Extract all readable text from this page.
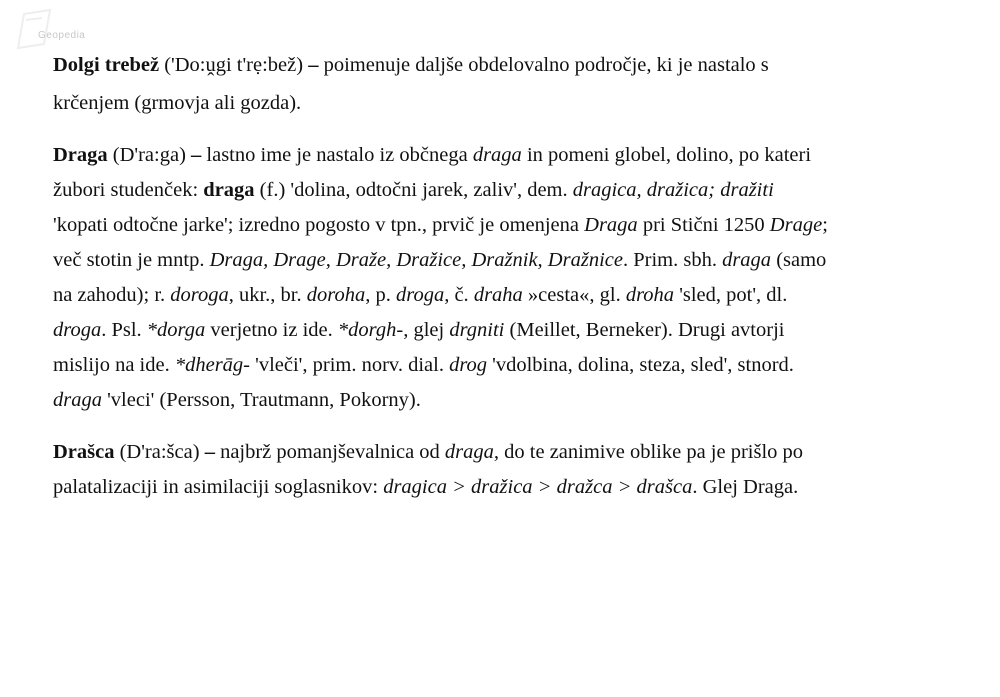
Geopedia
Dolgi trebež ('Do:ṷgi t'rẹ:bež) – poimenuje daljše obdelovalno področje, ki je nastalo s
krčenjem (grmovja ali gozda).
Draga (D'ra:ga) – lastno ime je nastalo iz občnega draga in pomeni globel, dolino, po kateri
žubori studenček: draga (f.) 'dolina, odtočni jarek, zaliv', dem. dragica, dražica; dražiti
'kopati odtočne jarke'; izredno pogosto v tpn., prvič je omenjena Draga pri Stični 1250 Drage;
več stotin je mntp. Draga, Drage, Draže, Dražice, Dražnik, Dražnice. Prim. sbh. draga (samo
na zahodu); r. doroga, ukr., br. doroha, p. droga, č. draha »cesta«, gl. droha 'sled, pot', dl.
droga. Psl. *dorga verjetno iz ide. *dorgh-, glej drgniti (Meillet, Berneker). Drugi avtorji
mislijo na ide. *dherāg- 'vleči', prim. norv. dial. drog 'vdolbina, dolina, steza, sled', stnord.
draga 'vleci' (Persson, Trautmann, Pokorny).
Drašca (D'ra:šca) – najbrž pomanjševalnica od draga, do te zanimive oblike pa je prišlo po
palatalizaciji in asimilaciji soglasnikov: dragica > dražica > dražca > drašca. Glej Draga.
